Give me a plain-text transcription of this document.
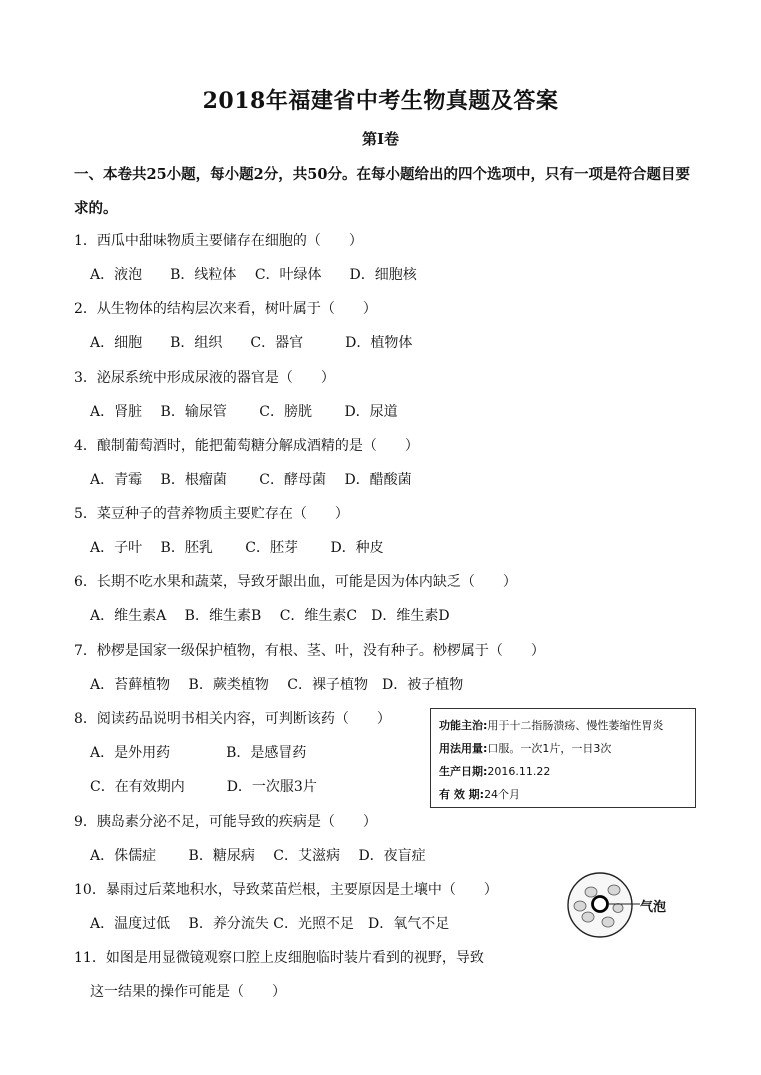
2018年福建省中考生物真题及答案
第Ⅰ卷
一、本卷共25小题，每小题2分，共50分。在每小题给出的四个选项中，只有一项是符合题目要求的。
1．西瓜中甜味物质主要储存在细胞的（　　）
A．液泡　　B．线粒体　 C．叶绿体　　D．细胞核
2．从生物体的结构层次来看，树叶属于（　　）
A．细胞　　B．组织　　C．器官　　　D．植物体
3．泌尿系统中形成尿液的器官是（　　）
A．肾脏　 B．输尿管　　 C．膀胱　　 D．尿道
4．酿制葡萄酒时，能把葡萄糖分解成酒精的是（　　）
A．青霉　 B．根瘤菌　　 C．酵母菌　 D．醋酸菌
5．菜豆种子的营养物质主要贮存在（　　）
A．子叶　 B．胚乳　　 C．胚芽　　 D．种皮
6．长期不吃水果和蔬菜，导致牙龈出血，可能是因为体内缺乏（　　）
A．维生素A　 B．维生素B　 C．维生素C　D．维生素D
7．桫椤是国家一级保护植物，有根、茎、叶，没有种子。桫椤属于（　　）
A．苔藓植物　 B．蕨类植物　 C．裸子植物　D．被子植物
8．阅读药品说明书相关内容，可判断该药（　　）
A．是外用药　　　　B．是感冒药
C．在有效期内　　　D．一次服3片
功能主治:用于十二指肠溃疡、慢性萎缩性胃炎
用法用量:口服。一次1片，一日3次
生产日期:2016.11.22
有 效 期:24个月
9．胰岛素分泌不足，可能导致的疾病是（　　）
A．侏儒症　　 B．糖尿病　 C．艾滋病　 D．夜盲症
10．暴雨过后菜地积水，导致菜苗烂根，主要原因是土壤中（　　）
A．温度过低　 B．养分流失 C．光照不足　D．氧气不足
11．如图是用显微镜观察口腔上皮细胞临时装片看到的视野，导致
这一结果的操作可能是（　　）
气泡
